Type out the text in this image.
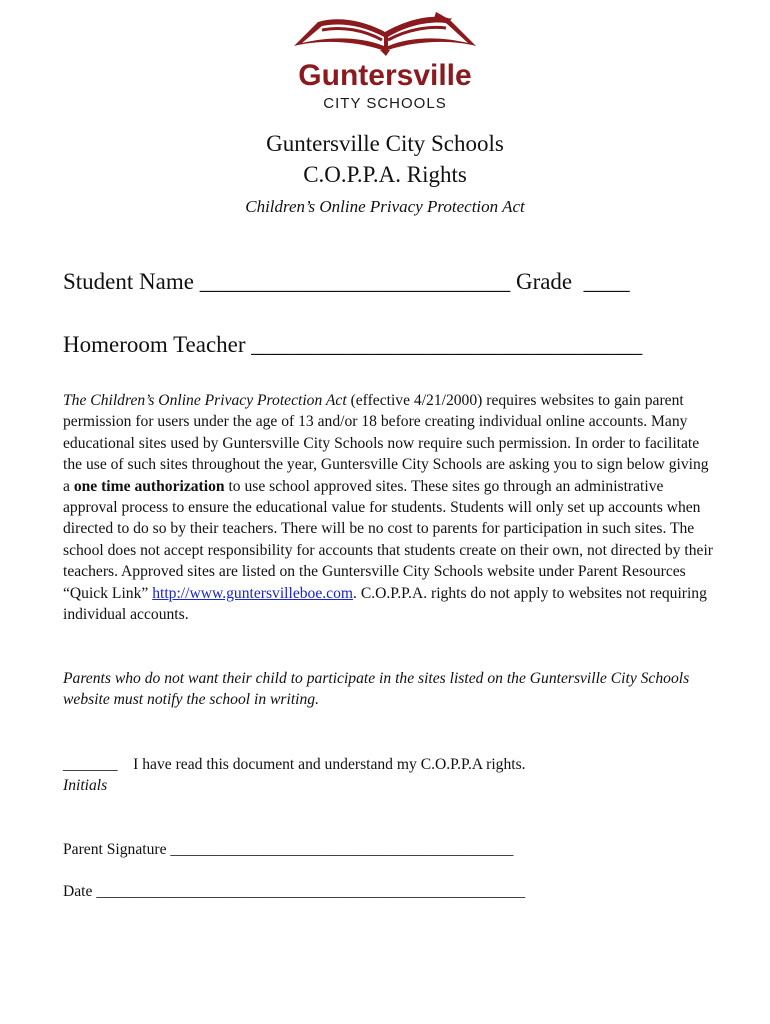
Guntersville
CITY SCHOOLS
Guntersville City Schools
C.O.P.P.A. Rights
Children’s Online Privacy Protection Act
Student Name ___________________________ Grade ____
Homeroom Teacher __________________________________
The Children’s Online Privacy Protection Act (effective 4/21/2000) requires websites to gain parent permission for users under the age of 13 and/or 18 before creating individual online accounts. Many educational sites used by Guntersville City Schools now require such permission. In order to facilitate the use of such sites throughout the year, Guntersville City Schools are asking you to sign below giving a one time authorization to use school approved sites. These sites go through an administrative approval process to ensure the educational value for students. Students will only set up accounts when directed to do so by their teachers. There will be no cost to parents for participation in such sites. The school does not accept responsibility for accounts that students create on their own, not directed by their teachers. Approved sites are listed on the Guntersville City Schools website under Parent Resources “Quick Link” http://www.guntersvilleboe.com. C.O.P.P.A. rights do not apply to websites not requiring individual accounts.
Parents who do not want their child to participate in the sites listed on the Guntersville City Schools website must notify the school in writing.
_______ I have read this document and understand my C.O.P.P.A rights.
Initials
Parent Signature ____________________________________________
Date _______________________________________________________
